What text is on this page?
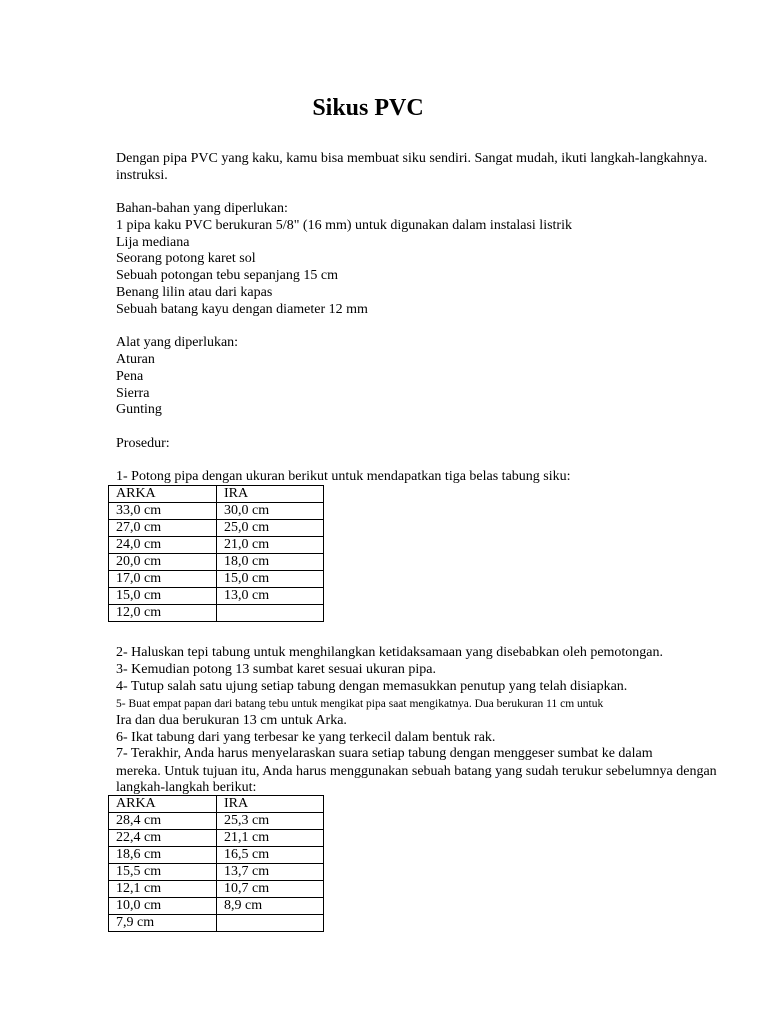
Sikus PVC
Dengan pipa PVC yang kaku, kamu bisa membuat siku sendiri. Sangat mudah, ikuti langkah-langkahnya.
instruksi.
Bahan-bahan yang diperlukan:
1 pipa kaku PVC berukuran 5/8" (16 mm) untuk digunakan dalam instalasi listrik
Lija mediana
Seorang potong karet sol
Sebuah potongan tebu sepanjang 15 cm
Benang lilin atau dari kapas
Sebuah batang kayu dengan diameter 12 mm
Alat yang diperlukan:
Aturan
Pena
Sierra
Gunting
Prosedur:
1- Potong pipa dengan ukuran berikut untuk mendapatkan tiga belas tabung siku:
ARKA	IRA
33,0 cm	30,0 cm
27,0 cm	25,0 cm
24,0 cm	21,0 cm
20,0 cm	18,0 cm
17,0 cm	15,0 cm
15,0 cm	13,0 cm
12,0 cm	
2- Haluskan tepi tabung untuk menghilangkan ketidaksamaan yang disebabkan oleh pemotongan.
3- Kemudian potong 13 sumbat karet sesuai ukuran pipa.
4- Tutup salah satu ujung setiap tabung dengan memasukkan penutup yang telah disiapkan.
5- Buat empat papan dari batang tebu untuk mengikat pipa saat mengikatnya. Dua berukuran 11 cm untuk
Ira dan dua berukuran 13 cm untuk Arka.
6- Ikat tabung dari yang terbesar ke yang terkecil dalam bentuk rak.
7- Terakhir, Anda harus menyelaraskan suara setiap tabung dengan menggeser sumbat ke dalam
mereka. Untuk tujuan itu, Anda harus menggunakan sebuah batang yang sudah terukur sebelumnya dengan
langkah-langkah berikut:
ARKA	IRA
28,4 cm	25,3 cm
22,4 cm	21,1 cm
18,6 cm	16,5 cm
15,5 cm	13,7 cm
12,1 cm	10,7 cm
10,0 cm	8,9 cm
7,9 cm	
